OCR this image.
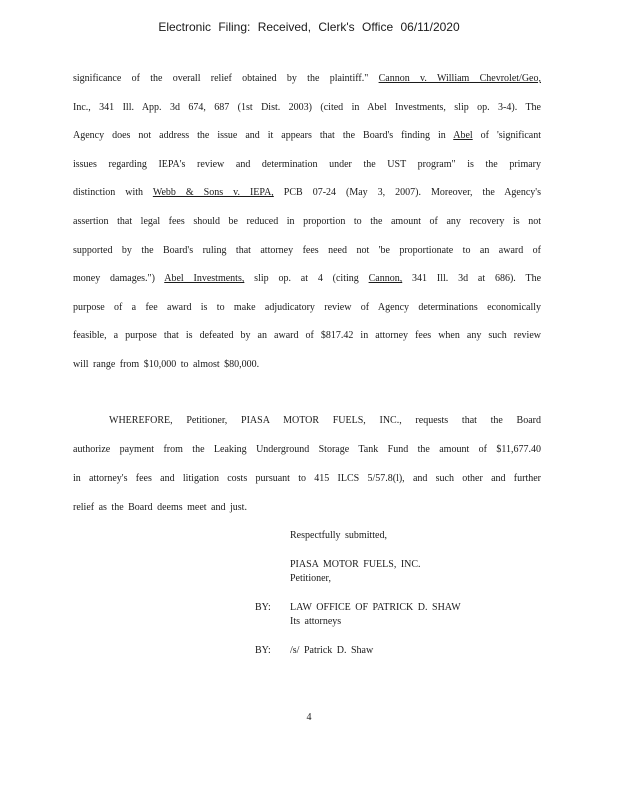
Electronic Filing: Received, Clerk's Office 06/11/2020
significance of the overall relief obtained by the plaintiff." Cannon v. William Chevrolet/Geo,
Inc., 341 Ill. App. 3d 674, 687 (1st Dist. 2003) (cited in Abel Investments, slip op. 3-4). The
Agency does not address the issue and it appears that the Board's finding in Abel of 'significant
issues regarding IEPA's review and determination under the UST program" is the primary
distinction with Webb & Sons v. IEPA, PCB 07-24 (May 3, 2007). Moreover, the Agency's
assertion that legal fees should be reduced in proportion to the amount of any recovery is not
supported by the Board's ruling that attorney fees need not 'be proportionate to an award of
money damages.") Abel Investments, slip op. at 4 (citing Cannon, 341 Ill. 3d at 686). The
purpose of a fee award is to make adjudicatory review of Agency determinations economically
feasible, a purpose that is defeated by an award of $817.42 in attorney fees when any such review
will range from $10,000 to almost $80,000.
WHEREFORE, Petitioner, PIASA MOTOR FUELS, INC., requests that the Board
authorize payment from the Leaking Underground Storage Tank Fund the amount of $11,677.40
in attorney's fees and litigation costs pursuant to 415 ILCS 5/57.8(l), and such other and further
relief as the Board deems meet and just.
Respectfully submitted,
PIASA MOTOR FUELS, INC.
Petitioner,
BY: LAW OFFICE OF PATRICK D. SHAW
Its attorneys
BY: /s/ Patrick D. Shaw
4
